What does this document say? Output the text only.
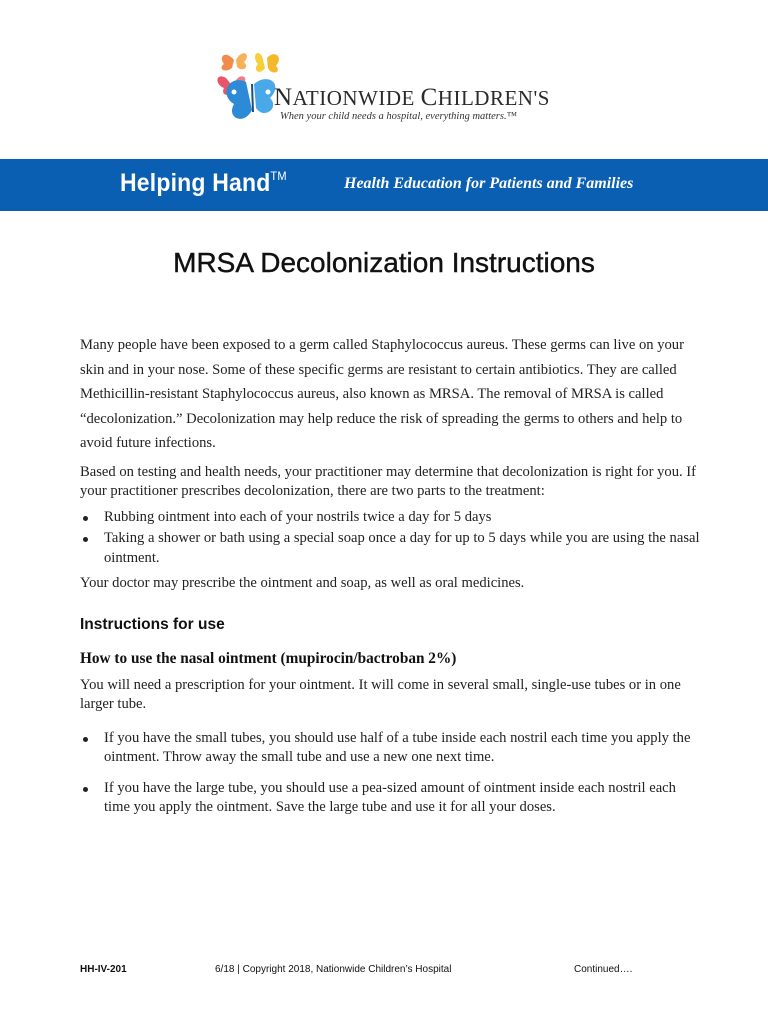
NATIONWIDE CHILDREN'S
When your child needs a hospital, everything matters.™
Helping Hand™	Health Education for Patients and Families
MRSA Decolonization Instructions

Many people have been exposed to a germ called Staphylococcus aureus. These germs can live on your skin and in your nose. Some of these specific germs are resistant to certain antibiotics. They are called Methicillin-resistant Staphylococcus aureus, also known as MRSA. The removal of MRSA is called “decolonization.” Decolonization may help reduce the risk of spreading the germs to others and help to avoid future infections.

Based on testing and health needs, your practitioner may determine that decolonization is right for you. If your practitioner prescribes decolonization, there are two parts to the treatment:

Rubbing ointment into each of your nostrils twice a day for 5 days
Taking a shower or bath using a special soap once a day for up to 5 days while you are using the nasal ointment.

Your doctor may prescribe the ointment and soap, as well as oral medicines.

Instructions for use
How to use the nasal ointment (mupirocin/bactroban 2%)

You will need a prescription for your ointment. It will come in several small, single-use tubes or in one larger tube.

If you have the small tubes, you should use half of a tube inside each nostril each time you apply the ointment. Throw away the small tube and use a new one next time.
If you have the large tube, you should use a pea-sized amount of ointment inside each nostril each time you apply the ointment. Save the large tube and use it for all your doses.
HH-IV-201	6/18 | Copyright 2018, Nationwide Children’s Hospital	Continued….
